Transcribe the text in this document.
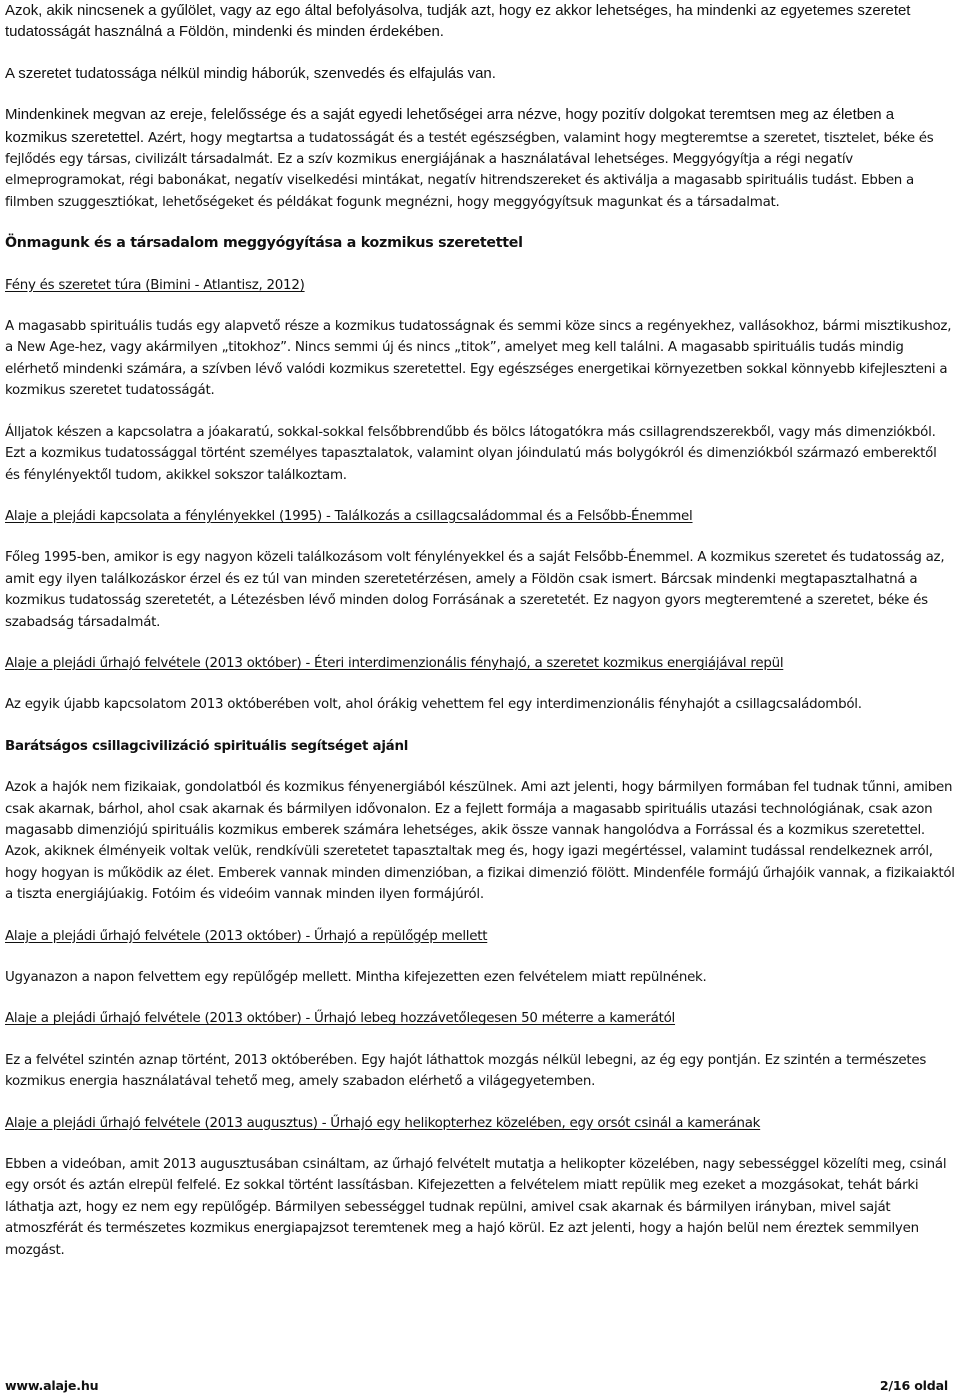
Azok, akik nincsenek a gyűlölet, vagy az ego által befolyásolva, tudják azt, hogy ez akkor lehetséges, ha mindenki az egyetemes szeretet tudatosságát használná a Földön, mindenki és minden érdekében.

A szeretet tudatossága nélkül mindig háborúk, szenvedés és elfajulás van.

Mindenkinek megvan az ereje, felelőssége és a saját egyedi lehetőségei arra nézve, hogy pozitív dolgokat teremtsen meg az életben a kozmikus szeretettel. Azért, hogy megtartsa a tudatosságát és a testét egészségben, valamint hogy megteremtse a szeretet, tisztelet, béke és fejlődés egy társas, civilizált társadalmát. Ez a szív kozmikus energiájának a használatával lehetséges. Meggyógyítja a régi negatív elmeprogramokat, régi babonákat, negatív viselkedési mintákat, negatív hitrendszereket és aktiválja a magasabb spirituális tudást. Ebben a filmben szuggesztiókat, lehetőségeket és példákat fogunk megnézni, hogy meggyógyítsuk magunkat és a társadalmat.

Önmagunk és a társadalom meggyógyítása a kozmikus szeretettel

Fény és szeretet túra (Bimini - Atlantisz, 2012)

A magasabb spirituális tudás egy alapvető része a kozmikus tudatosságnak és semmi köze sincs a regényekhez, vallásokhoz, bármi misztikushoz, a New Age-hez, vagy akármilyen „titokhoz”. Nincs semmi új és nincs „titok”, amelyet meg kell találni. A magasabb spirituális tudás mindig elérhető mindenki számára, a szívben lévő valódi kozmikus szeretettel. Egy egészséges energetikai környezetben sokkal könnyebb kifejleszteni a kozmikus szeretet tudatosságát.

Álljatok készen a kapcsolatra a jóakaratú, sokkal-sokkal felsőbbrendűbb és bölcs látogatókra más csillagrendszerekből, vagy más dimenziókból. Ezt a kozmikus tudatossággal történt személyes tapasztalatok, valamint olyan jóindulatú más bolygókról és dimenziókból származó emberektől és fénylényektől tudom, akikkel sokszor találkoztam.

Alaje a plejádi kapcsolata a fénylényekkel (1995) - Találkozás a csillagcsaládommal és a Felsőbb-Énemmel

Főleg 1995-ben, amikor is egy nagyon közeli találkozásom volt fénylényekkel és a saját Felsőbb-Énemmel. A kozmikus szeretet és tudatosság az, amit egy ilyen találkozáskor érzel és ez túl van minden szeretetérzésen, amely a Földön csak ismert. Bárcsak mindenki megtapasztalhatná a kozmikus tudatosság szeretetét, a Létezésben lévő minden dolog Forrásának a szeretetét. Ez nagyon gyors megteremtené a szeretet, béke és szabadság társadalmát.

Alaje a plejádi űrhajó felvétele (2013 október) - Éteri interdimenzionális fényhajó, a szeretet kozmikus energiájával repül

Az egyik újabb kapcsolatom 2013 októberében volt, ahol órákig vehettem fel egy interdimenzionális fényhajót a csillagcsaládomból.

Barátságos csillagcivilizáció spirituális segítséget ajánl

Azok a hajók nem fizikaiak, gondolatból és kozmikus fényenergiából készülnek. Ami azt jelenti, hogy bármilyen formában fel tudnak tűnni, amiben csak akarnak, bárhol, ahol csak akarnak és bármilyen idővonalon. Ez a fejlett formája a magasabb spirituális utazási technológiának, csak azon magasabb dimenziójú spirituális kozmikus emberek számára lehetséges, akik össze vannak hangolódva a Forrással és a kozmikus szeretettel. Azok, akiknek élményeik voltak velük, rendkívüli szeretetet tapasztaltak meg és, hogy igazi megértéssel, valamint tudással rendelkeznek arról, hogy hogyan is működik az élet. Emberek vannak minden dimenzióban, a fizikai dimenzió fölött. Mindenféle formájú űrhajóik vannak, a fizikaiaktól a tiszta energiájúakig. Fotóim és videóim vannak minden ilyen formájúról.

Alaje a plejádi űrhajó felvétele (2013 október) - Űrhajó a repülőgép mellett

Ugyanazon a napon felvettem egy repülőgép mellett. Mintha kifejezetten ezen felvételem miatt repülnének.

Alaje a plejádi űrhajó felvétele (2013 október) - Űrhajó lebeg hozzávetőlegesen 50 méterre a kamerától

Ez a felvétel szintén aznap történt, 2013 októberében. Egy hajót láthattok mozgás nélkül lebegni, az ég egy pontján. Ez szintén a természetes kozmikus energia használatával tehető meg, amely szabadon elérhető a világegyetemben.

Alaje a plejádi űrhajó felvétele (2013 augusztus) - Űrhajó egy helikopterhez közelében, egy orsót csinál a kamerának

Ebben a videóban, amit 2013 augusztusában csináltam, az űrhajó felvételt mutatja a helikopter közelében, nagy sebességgel közelíti meg, csinál egy orsót és aztán elrepül felfelé. Ez sokkal történt lassításban. Kifejezetten a felvételem miatt repülik meg ezeket a mozgásokat, tehát bárki láthatja azt, hogy ez nem egy repülőgép. Bármilyen sebességgel tudnak repülni, amivel csak akarnak és bármilyen irányban, mivel saját atmoszférát és természetes kozmikus energiapajzsot teremtenek meg a hajó körül. Ez azt jelenti, hogy a hajón belül nem éreztek semmilyen mozgást.

www.alaje.hu	2/16 oldal
